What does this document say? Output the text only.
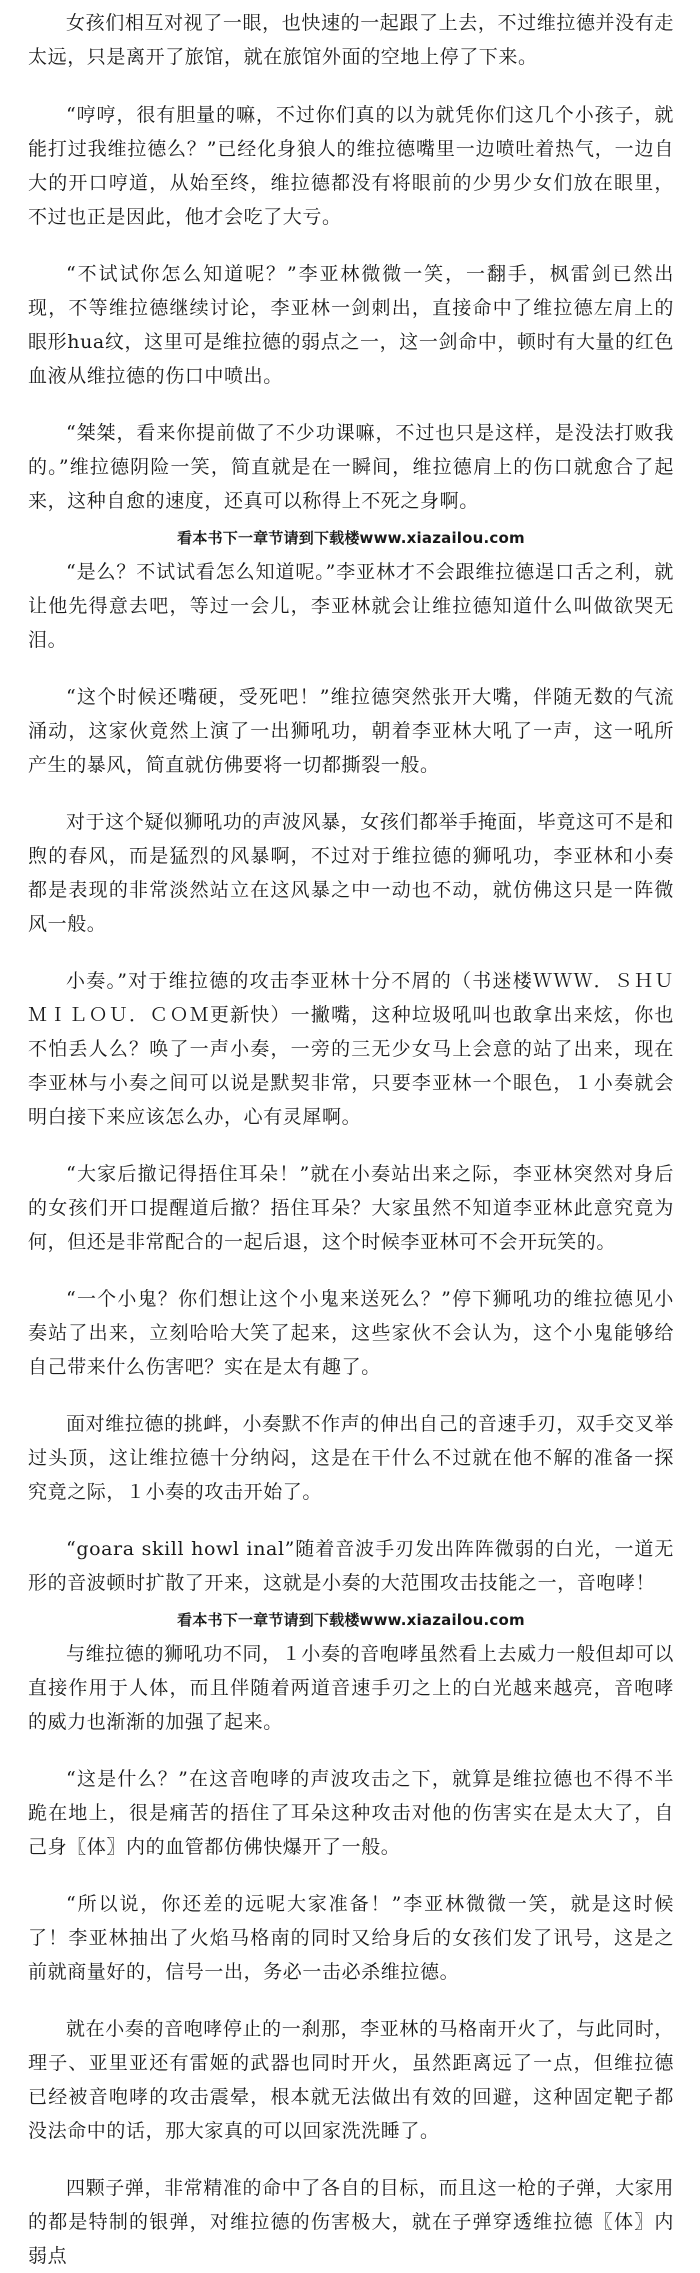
女孩们相互对视了一眼，也快速的一起跟了上去，不过维拉德并没有走太远，只是离开了旅馆，就在旅馆外面的空地上停了下来。

“哼哼，很有胆量的嘛，不过你们真的以为就凭你们这几个小孩子，就能打过我维拉德么？”已经化身狼人的维拉德嘴里一边喷吐着热气，一边自大的开口哼道，从始至终，维拉德都没有将眼前的少男少女们放在眼里，不过也正是因此，他才会吃了大亏。

“不试试你怎么知道呢？”李亚林微微一笑，一翻手，枫雷剑已然出现，不等维拉德继续讨论，李亚林一剑刺出，直接命中了维拉德左肩上的眼形hua纹，这里可是维拉德的弱点之一，这一剑命中，顿时有大量的红色血液从维拉德的伤口中喷出。

“桀桀，看来你提前做了不少功课嘛，不过也只是这样，是没法打败我的。”维拉德阴险一笑，简直就是在一瞬间，维拉德肩上的伤口就愈合了起来，这种自愈的速度，还真可以称得上不死之身啊。

看本书下一章节请到下载楼www.xiazailou.com

“是么？不试试看怎么知道呢。”李亚林才不会跟维拉德逞口舌之利，就让他先得意去吧，等过一会儿，李亚林就会让维拉德知道什么叫做欲哭无泪。

“这个时候还嘴硬，受死吧！”维拉德突然张开大嘴，伴随无数的气流涌动，这家伙竟然上演了一出狮吼功，朝着李亚林大吼了一声，这一吼所产生的暴风，简直就仿佛要将一切都撕裂一般。

对于这个疑似狮吼功的声波风暴，女孩们都举手掩面，毕竟这可不是和煦的春风，而是猛烈的风暴啊，不过对于维拉德的狮吼功，李亚林和小奏都是表现的非常淡然站立在这风暴之中一动也不动，就仿佛这只是一阵微风一般。

小奏。”对于维拉德的攻击李亚林十分不屑的（书迷楼ＷＷＷ．ＳＨＵＭＩＬＯＵ．ＣＯＭ更新快）一撇嘴，这种垃圾吼叫也敢拿出来炫，你也不怕丢人么？唤了一声小奏，一旁的三无少女马上会意的站了出来，现在李亚林与小奏之间可以说是默契非常，只要李亚林一个眼色，１小奏就会明白接下来应该怎么办，心有灵犀啊。

“大家后撤记得捂住耳朵！”就在小奏站出来之际，李亚林突然对身后的女孩们开口提醒道后撤？捂住耳朵？大家虽然不知道李亚林此意究竟为何，但还是非常配合的一起后退，这个时候李亚林可不会开玩笑的。

“一个小鬼？你们想让这个小鬼来送死么？”停下狮吼功的维拉德见小奏站了出来，立刻哈哈大笑了起来，这些家伙不会认为，这个小鬼能够给自己带来什么伤害吧？实在是太有趣了。

面对维拉德的挑衅，小奏默不作声的伸出自己的音速手刃，双手交叉举过头顶，这让维拉德十分纳闷，这是在干什么不过就在他不解的准备一探究竟之际，１小奏的攻击开始了。

“goara skill howl inal”随着音波手刃发出阵阵微弱的白光，一道无形的音波顿时扩散了开来，这就是小奏的大范围攻击技能之一，音咆哮！

看本书下一章节请到下载楼www.xiazailou.com

与维拉德的狮吼功不同，１小奏的音咆哮虽然看上去威力一般但却可以直接作用于人体，而且伴随着两道音速手刃之上的白光越来越亮，音咆哮的威力也渐渐的加强了起来。

“这是什么？”在这音咆哮的声波攻击之下，就算是维拉德也不得不半跪在地上，很是痛苦的捂住了耳朵这种攻击对他的伤害实在是太大了，自己身〖体〗内的血管都仿佛快爆开了一般。

“所以说，你还差的远呢大家准备！”李亚林微微一笑，就是这时候了！李亚林抽出了火焰马格南的同时又给身后的女孩们发了讯号，这是之前就商量好的，信号一出，务必一击必杀维拉德。

就在小奏的音咆哮停止的一刹那，李亚林的马格南开火了，与此同时，理子、亚里亚还有雷姬的武器也同时开火，虽然距离远了一点，但维拉德已经被音咆哮的攻击震晕，根本就无法做出有效的回避，这种固定靶子都没法命中的话，那大家真的可以回家洗洗睡了。

四颗子弹，非常精准的命中了各自的目标，而且这一枪的子弹，大家用的都是特制的银弹，对维拉德的伤害极大，就在子弹穿透维拉德〖体〗内弱点
